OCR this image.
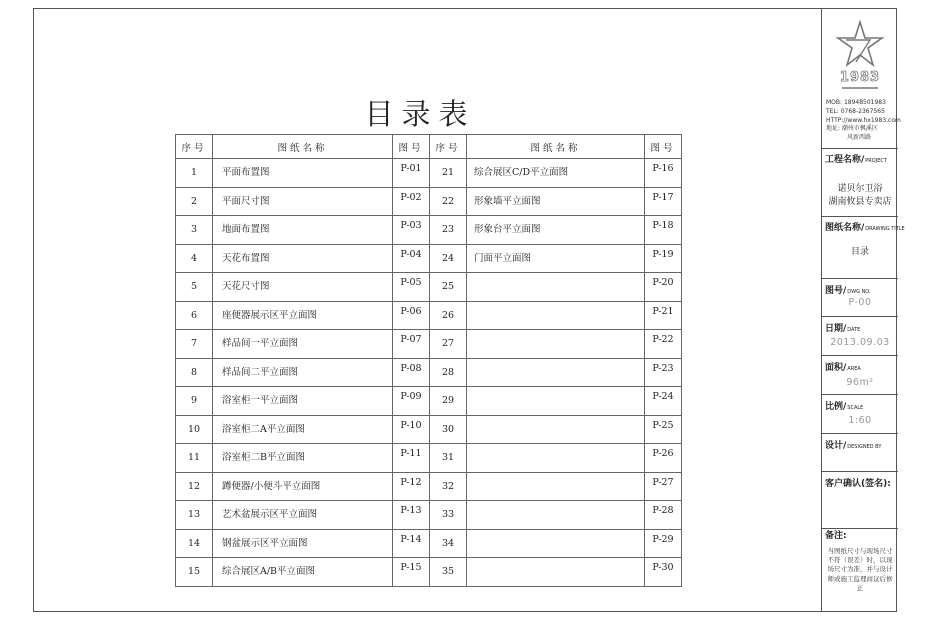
目录表
序号	图纸名称	图号	序号	图纸名称	图号
1	平面布置图	P-01	21	综合展区C/D平立面图	P-16
2	平面尺寸图	P-02	22	形象墙平立面图	P-17
3	地面布置图	P-03	23	形象台平立面图	P-18
4	天花布置图	P-04	24	门面平立面图	P-19
5	天花尺寸图	P-05	25		P-20
6	座便器展示区平立面图	P-06	26		P-21
7	样品间一平立面图	P-07	27		P-22
8	样品间二平立面图	P-08	28		P-23
9	浴室柜一平立面图	P-09	29		P-24
10	浴室柜二A平立面图	P-10	30		P-25
11	浴室柜二B平立面图	P-11	31		P-26
12	蹲便器/小便斗平立面图	P-12	32		P-27
13	艺术盆展示区平立面图	P-13	33		P-28
14	钢盆展示区平立面图	P-14	34		P-29
15	综合展区A/B平立面图	P-15	35		P-30
1983
MOB: 18948501983
TEL: 0768-2367565
HTTP://www.hx1983.com
地址: 潮州市枫溪区
风新西路
工程名称/PROJECT
诺贝尔卫浴
湖南攸县专卖店
图纸名称/DRAWING TITLE
目录
图号/DWG NO.
P-00
日期/DATE
2013.09.03
面积/AREA
96m²
比例/SCALE
1:60
设计/DESIGNED BY
客户确认(签名):
备注:
当图纸尺寸与现场尺寸不符（误差）时，以现场尺寸为准，并与设计师或施工监理商议后修正
